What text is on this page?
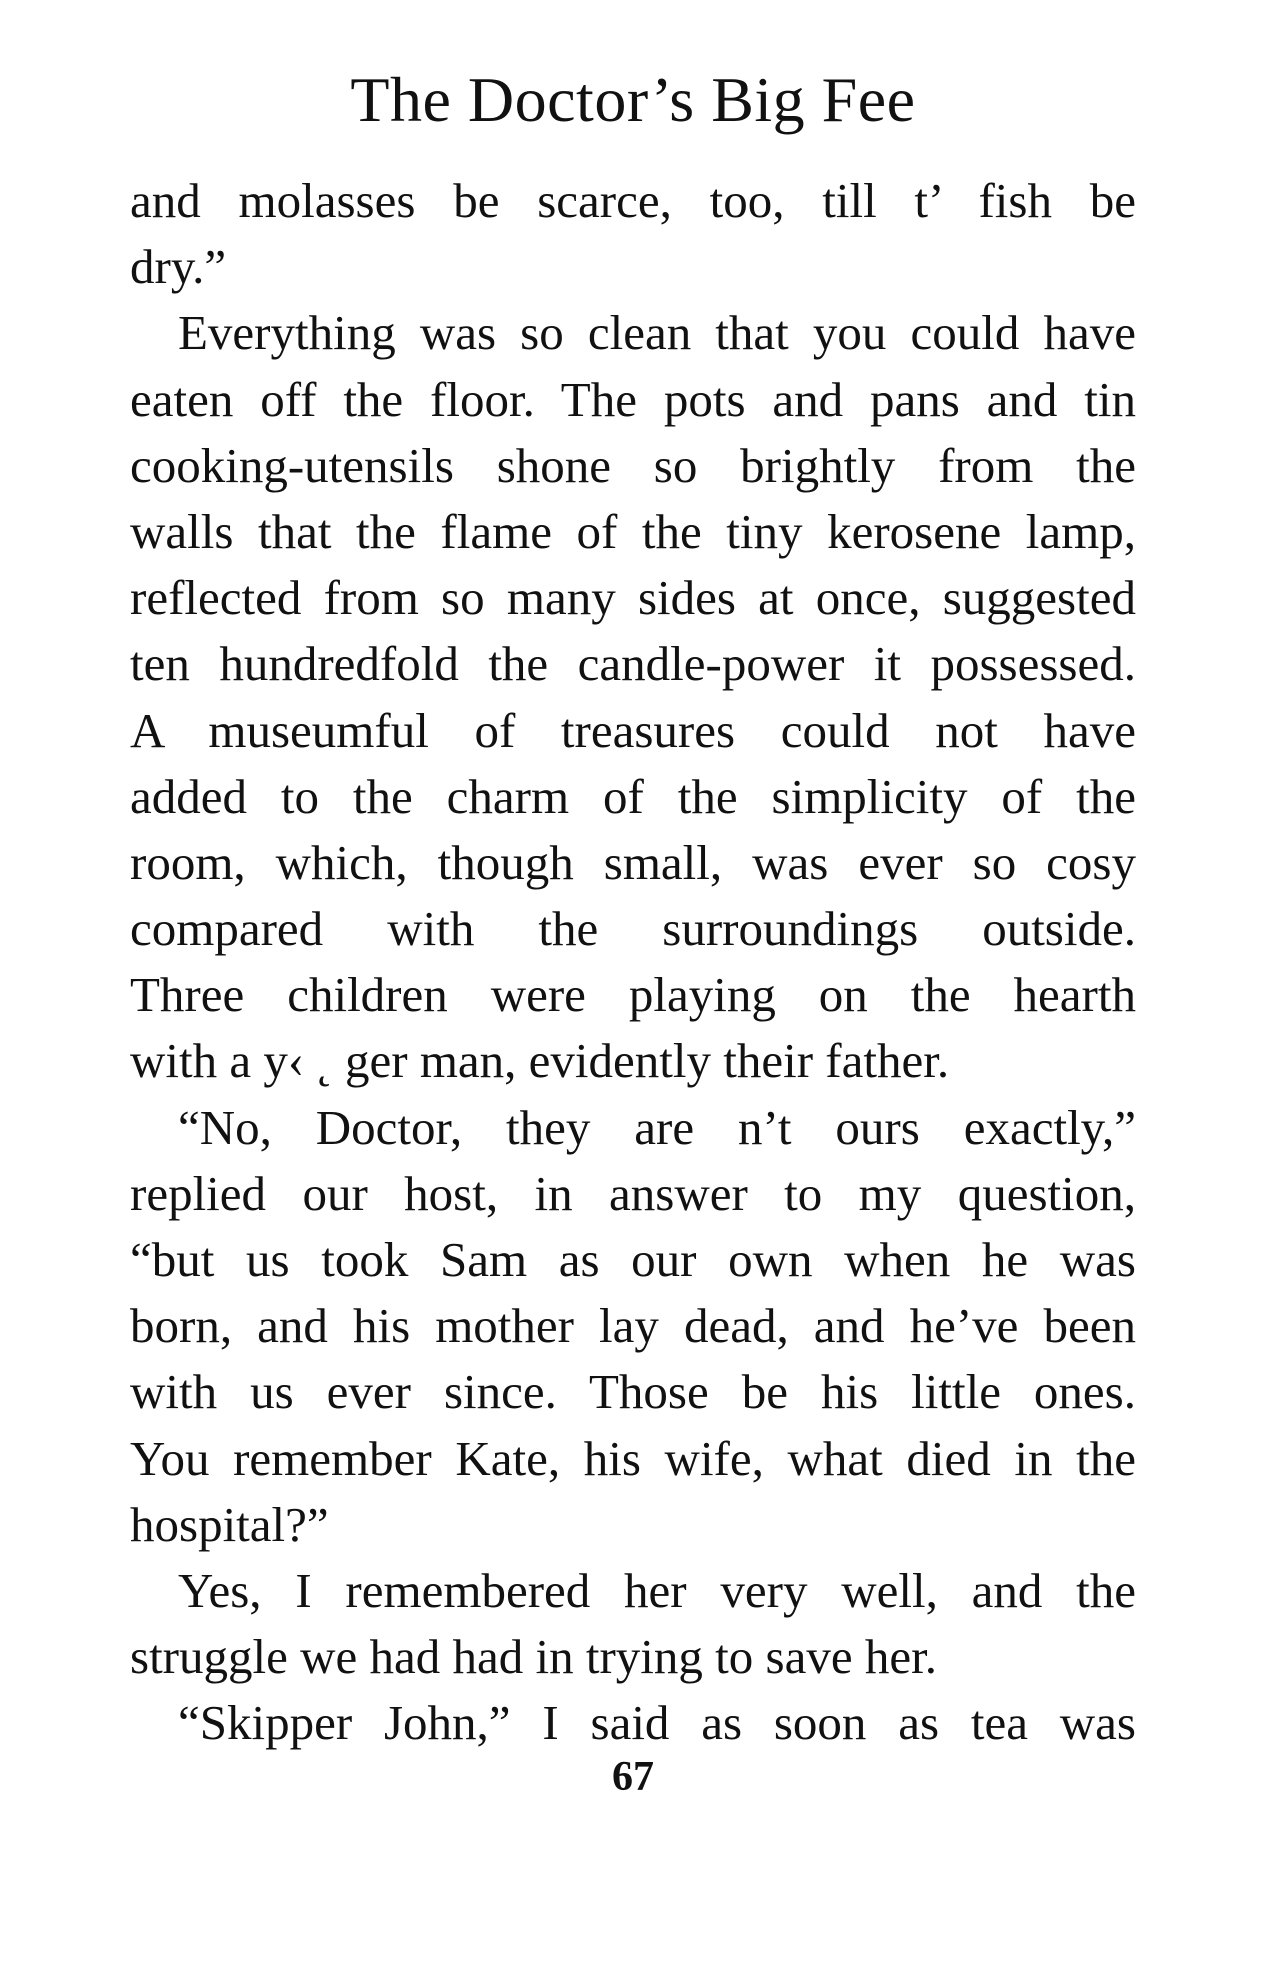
The Doctor’s Big Fee
and molasses be scarce, too, till t’ fish be
dry.”
Everything was so clean that you could have
eaten off the floor. The pots and pans and tin
cooking-utensils shone so brightly from the
walls that the flame of the tiny kerosene lamp,
reflected from so many sides at once, suggested
ten hundredfold the candle-power it possessed.
A museumful of treasures could not have
added to the charm of the simplicity of the
room, which, though small, was ever so cosy
compared with the surroundings outside.
Three children were playing on the hearth
with a y‹ ˛ ger man, evidently their father.
“No, Doctor, they are n’t ours exactly,”
replied our host, in answer to my question,
“but us took Sam as our own when he was
born, and his mother lay dead, and he’ve been
with us ever since. Those be his little ones.
You remember Kate, his wife, what died in the
hospital?”
Yes, I remembered her very well, and the
struggle we had had in trying to save her.
“Skipper John,” I said as soon as tea was
67
